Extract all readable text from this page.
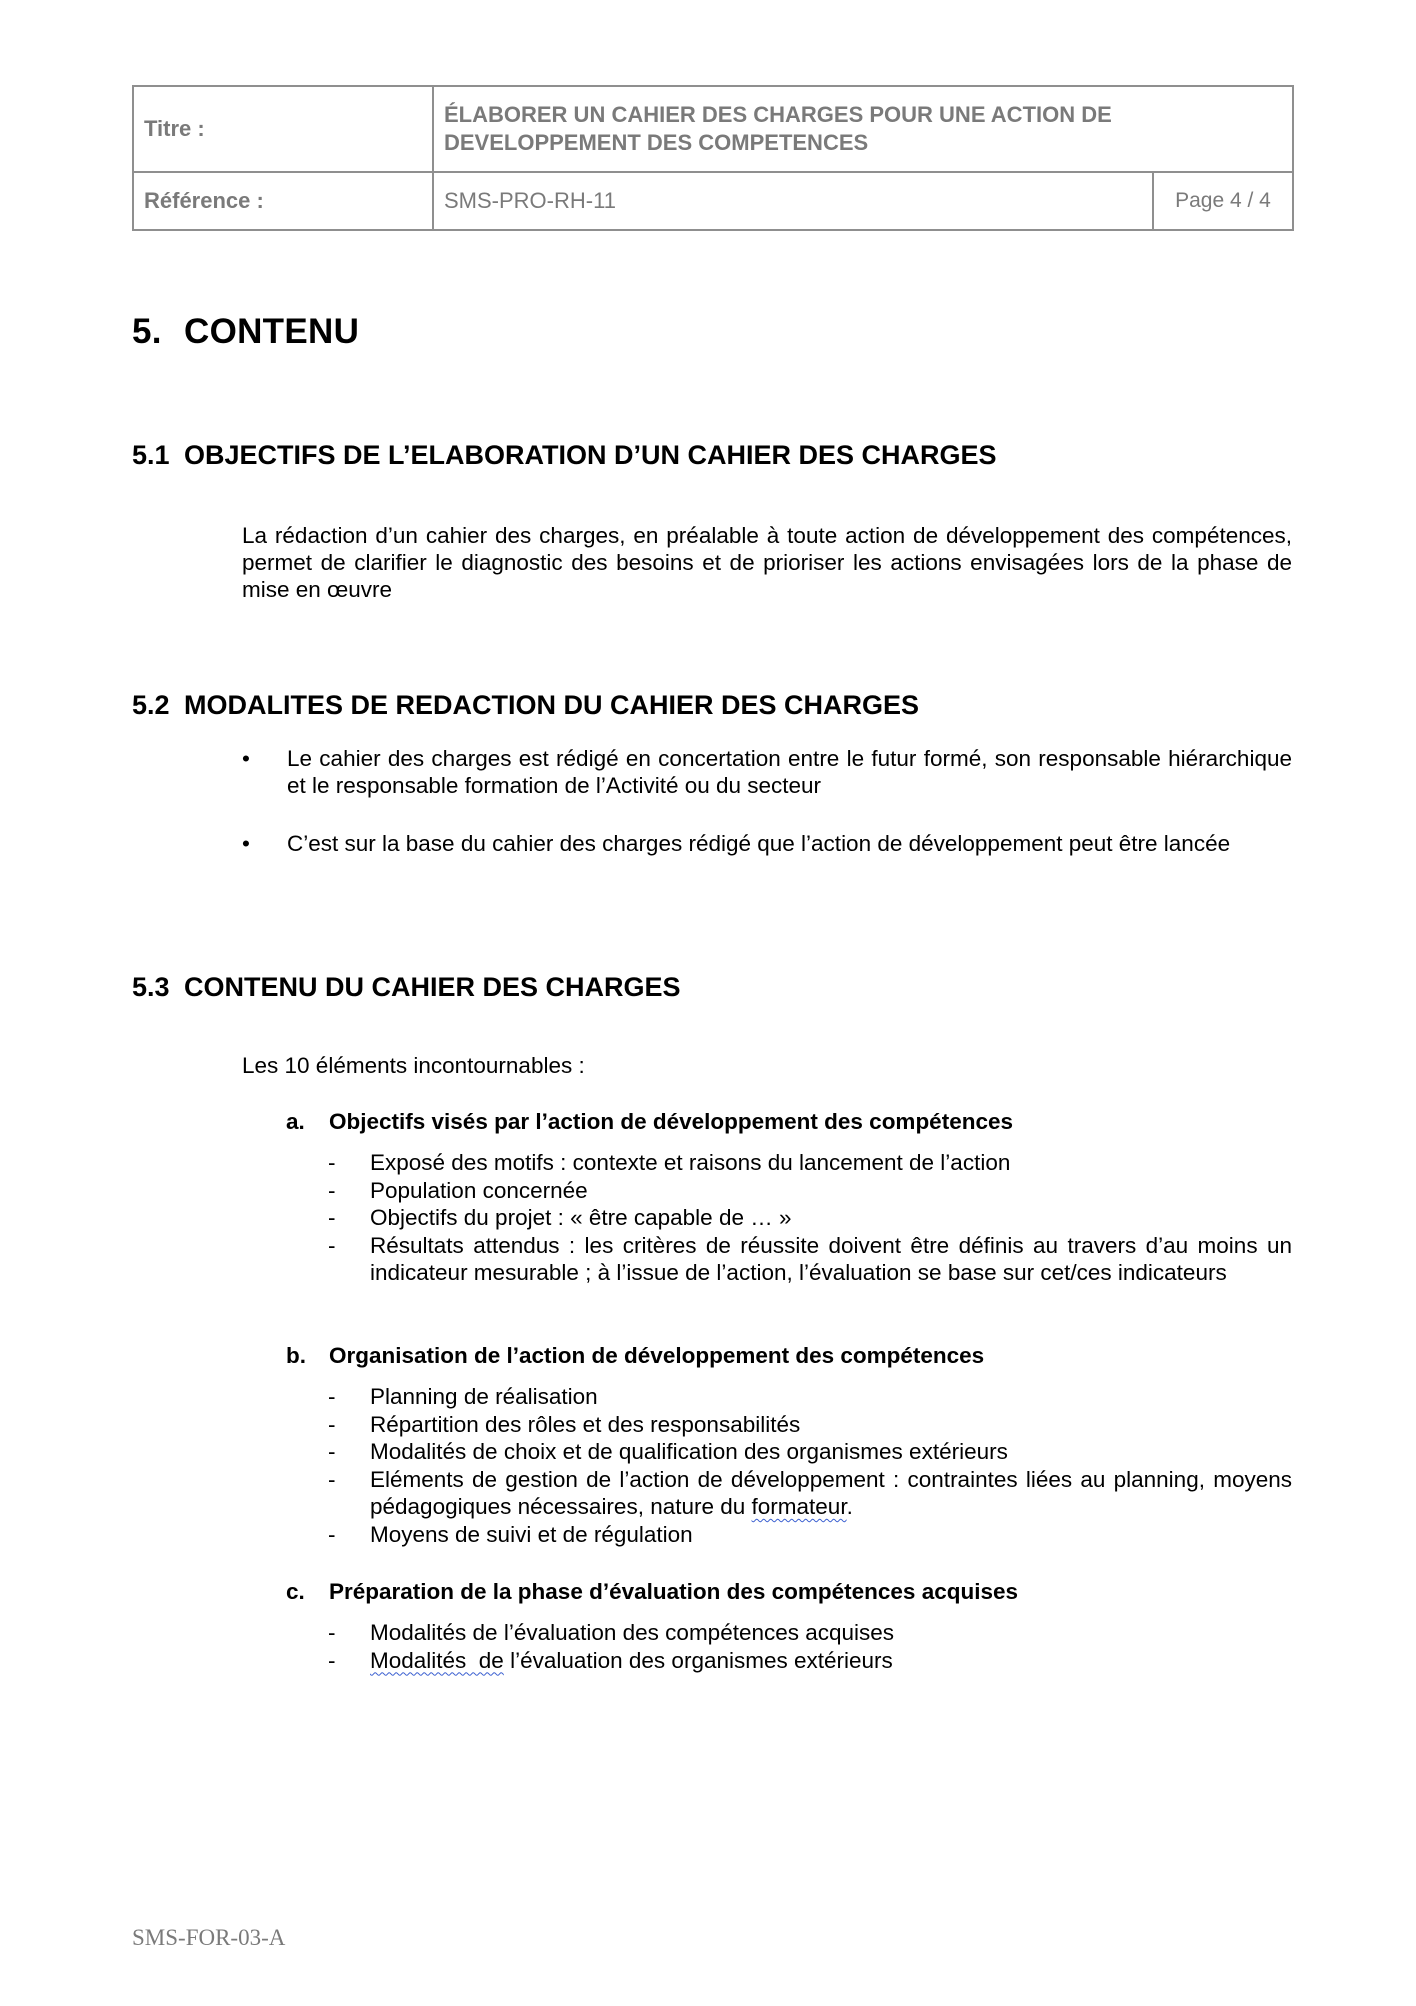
Titre :	ÉLABORER UN CAHIER DES CHARGES POUR UNE ACTION DE
DEVELOPPEMENT DES COMPETENCES	

Référence :	SMS-PRO-RH-11	Page 4 / 4
5. CONTENU
5.1 OBJECTIFS DE L’ELABORATION D’UN CAHIER DES CHARGES

La rédaction d’un cahier des charges, en préalable à toute action de développement des compétences, permet de clarifier le diagnostic des besoins et de prioriser les actions envisagées lors de la phase de mise en œuvre

5.2 MODALITES DE REDACTION DU CAHIER DES CHARGES
•	Le cahier des charges est rédigé en concertation entre le futur formé, son responsable hiérarchique et le responsable formation de l’Activité ou du secteur
•	C’est sur la base du cahier des charges rédigé que l’action de développement peut être lancée
5.3 CONTENU DU CAHIER DES CHARGES

Les 10 éléments incontournables :

a. Objectifs visés par l’action de développement des compétences
- Exposé des motifs : contexte et raisons du lancement de l’action
- Population concernée
- Objectifs du projet : « être capable de … »
- Résultats attendus : les critères de réussite doivent être définis au travers d’au moins un indicateur mesurable ; à l’issue de l’action, l’évaluation se base sur cet/ces indicateurs
b. Organisation de l’action de développement des compétences
- Planning de réalisation
- Répartition des rôles et des responsabilités
- Modalités de choix et de qualification des organismes extérieurs
- Eléments de gestion de l’action de développement : contraintes liées au planning, moyens pédagogiques nécessaires, nature du formateur.
- Moyens de suivi et de régulation
c. Préparation de la phase d’évaluation des compétences acquises
- Modalités de l’évaluation des compétences acquises
- Modalités  de l’évaluation des organismes extérieurs
SMS-FOR-03-A
